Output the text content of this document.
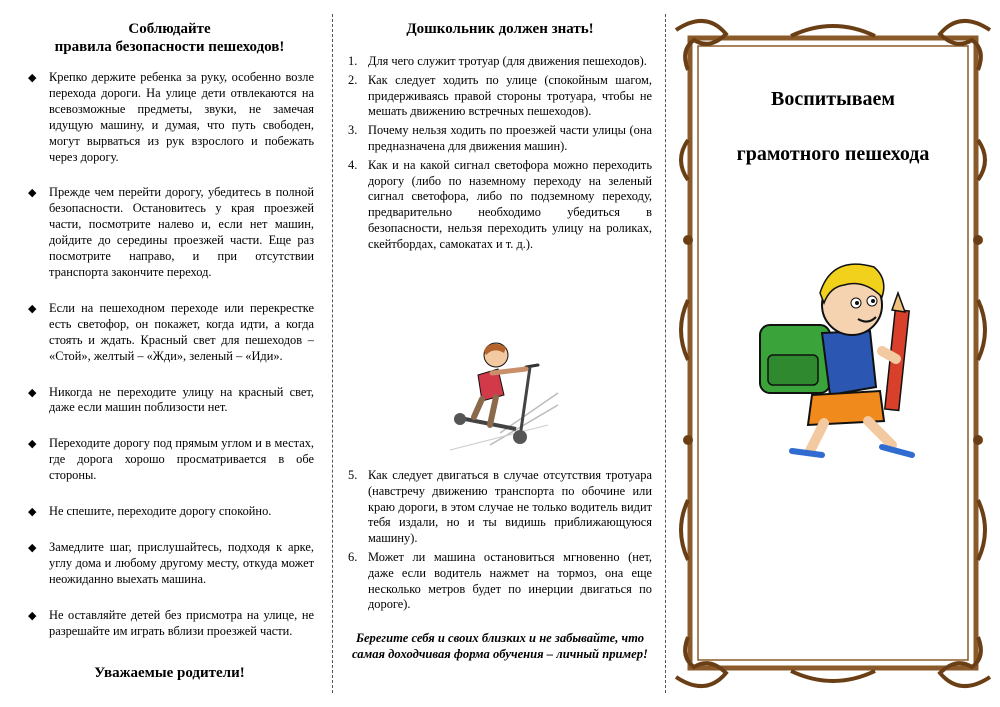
Соблюдайте
правила безопасности пешеходов!
◆ Крепко держите ребенка за руку, особенно возле перехода дороги. На улице дети отвлекаются на всевозможные предметы, звуки, не замечая идущую машину, и думая, что путь свободен, могут вырваться из рук взрослого и побежать через дорогу.
◆ Прежде чем перейти дорогу, убедитесь в полной безопасности. Остановитесь у края проезжей части, посмотрите налево и, если нет машин, дойдите до середины проезжей части. Еще раз посмотрите направо, и при отсутствии транспорта закончите переход.
◆ Если на пешеходном переходе или перекрестке есть светофор, он покажет, когда идти, а когда стоять и ждать. Красный свет для пешеходов – «Стой», желтый – «Жди», зеленый – «Иди».
◆ Никогда не переходите улицу на красный свет, даже если машин поблизости нет.
◆ Переходите дорогу под прямым углом и в местах, где дорога хорошо просматривается в обе стороны.
◆ Не спешите, переходите дорогу спокойно.
◆ Замедлите шаг, прислушайтесь, подходя к арке, углу дома и любому другому месту, откуда может неожиданно выехать машина.
◆ Не оставляйте детей без присмотра на улице, не разрешайте им играть вблизи проезжей части.
Уважаемые родители!
Дошкольник должен знать!
1. Для чего служит тротуар (для движения пешеходов).
2. Как следует ходить по улице (спокойным шагом, придерживаясь правой стороны тротуара, чтобы не мешать движению встречных пешеходов).
3. Почему нельзя ходить по проезжей части улицы (она предназначена для движения машин).
4. Как и на какой сигнал светофора можно переходить дорогу (либо по наземному переходу на зеленый сигнал светофора, либо по подземному переходу, предварительно необходимо убедиться в безопасности, нельзя переходить улицу на роликах, скейтбордах, самокатах и т. д.).
5. Как следует двигаться в случае отсутствия тротуара (навстречу движению транспорта по обочине или краю дороги, в этом случае не только водитель видит тебя издали, но и ты видишь приближающуюся машину).
6. Может ли машина остановиться мгновенно (нет, даже если водитель нажмет на тормоз, она еще несколько метров будет по инерции двигаться по дороге).
Берегите себя и своих близких и не забывайте, что самая доходчивая форма обучения – личный пример!
Воспитываем
грамотного пешехода
